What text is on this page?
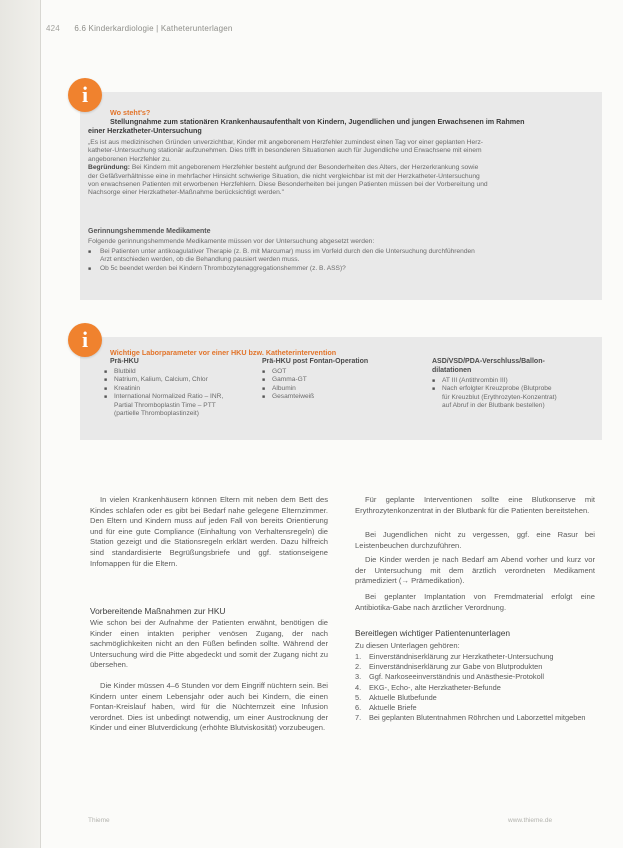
424 6.6 Kinderkardiologie | Katheterunterlagen
i
Wo steht's?
Stellungnahme zum stationären Krankenhausaufenthalt von Kindern, Jugendlichen und jungen Erwachsenen im Rahmen
einer Herzkatheter-Untersuchung
„Es ist aus medizinischen Gründen unverzichtbar, Kinder mit angeborenem Herzfehler zumindest einen Tag vor einer geplanten Herz-
katheter-Untersuchung stationär aufzunehmen. Dies trifft in besonderen Situationen auch für Jugendliche und Erwachsene mit einem
angeborenen Herzfehler zu.
Begründung: Bei Kindern mit angeborenem Herzfehler besteht aufgrund der Besonderheiten des Alters, der Herzerkrankung sowie
der Gefäßverhältnisse eine in mehrfacher Hinsicht schwierige Situation, die nicht vergleichbar ist mit der Herzkatheter-Untersuchung
von erwachsenen Patienten mit erworbenen Herzfehlern. Diese Besonderheiten bei jungen Patienten müssen bei der Vorbereitung und
Nachsorge einer Herzkatheter-Maßnahme berücksichtigt werden."
Gerinnungshemmende Medikamente
Folgende gerinnungshemmende Medikamente müssen vor der Untersuchung abgesetzt werden:
■ Bei Patienten unter antikoagulativer Therapie (z. B. mit Marcumar) muss im Vorfeld durch den die Untersuchung durchführenden
Arzt entschieden werden, ob die Behandlung pausiert werden muss.
■ Ob 5c beendet werden bei Kindern Thrombozytenaggregationshemmer (z. B. ASS)?
i
Wichtige Laborparameter vor einer HKU bzw. Katheterintervention
Prä-HKU
■ Blutbild
■ Natrium, Kalium, Calcium, Chlor
■ Kreatinin
■ International Normalized Ratio – INR,
Partial Thromboplastin Time – PTT
(partielle Thromboplastinzeit)
Prä-HKU post Fontan-Operation
■ GOT
■ Gamma-GT
■ Albumin
■ Gesamteiweiß
ASD/VSD/PDA-Verschluss/Ballon-
dilatationen
■ AT III (Antithrombin III)
■ Nach erfolgter Kreuzprobe (Blutprobe
für Kreuzblut (Erythrozyten-Konzentrat)
auf Abruf in der Blutbank bestellen)

In vielen Krankenhäusern können Eltern mit neben dem Bett des Kindes schlafen oder es gibt bei Bedarf nahe gelegene Elternzimmer. Den Eltern und Kindern muss auf jeden Fall von bereits Orientierung und für eine gute Compliance (Einhaltung von Verhaltensregeln) die Station gezeigt und die Stationsregeln erklärt werden. Dazu hilfreich sind standardisierte Begrüßungsbriefe und ggf. stationseigene Infomappen für die Eltern.

Vorbereitende Maßnahmen zur HKU

Wie schon bei der Aufnahme der Patienten erwähnt, benötigen die Kinder einen intakten peripher venösen Zugang, der nach sachmöglichkeiten nicht an den Füßen befinden sollte. Während der Untersuchung wird die Pitte abgedeckt und somit der Zugang nicht zu übersehen.

Die Kinder müssen 4–6 Stunden vor dem Eingriff nüchtern sein. Bei Kindern unter einem Lebensjahr oder auch bei Kindern, die einen Fontan-Kreislauf haben, wird für die Nüchternzeit eine Infusion verordnet. Dies ist unbedingt notwendig, um einer Austrocknung der Kinder und einer Blutverdickung (erhöhte Blutviskosität) vorzubeugen.

Für geplante Interventionen sollte eine Blutkonserve mit Erythrozytenkonzentrat in der Blutbank für die Patienten bereitstehen.

Bei Jugendlichen nicht zu vergessen, ggf. eine Rasur bei Leistenbeuchen durchzuführen.

Die Kinder werden je nach Bedarf am Abend vorher und kurz vor der Untersuchung mit dem ärztlich verordneten Medikament prämediziert (→ Prämedikation).

Bei geplanter Implantation von Fremdmaterial erfolgt eine Antibiotika-Gabe nach ärztlicher Verordnung.

Bereitlegen wichtiger Patientenunterlagen
Zu diesen Unterlagen gehören:
1. Einverständniserklärung zur Herzkatheter-Untersuchung
2. Einverständniserklärung zur Gabe von Blutprodukten
3. Ggf. Narkoseeinverständnis und Anästhesie-Protokoll
4. EKG-, Echo-, alte Herzkatheter-Befunde
5. Aktuelle Blutbefunde
6. Aktuelle Briefe
7. Bei geplanten Blutentnahmen Röhrchen und Laborzettel mitgeben
Thieme	www.thieme.de
